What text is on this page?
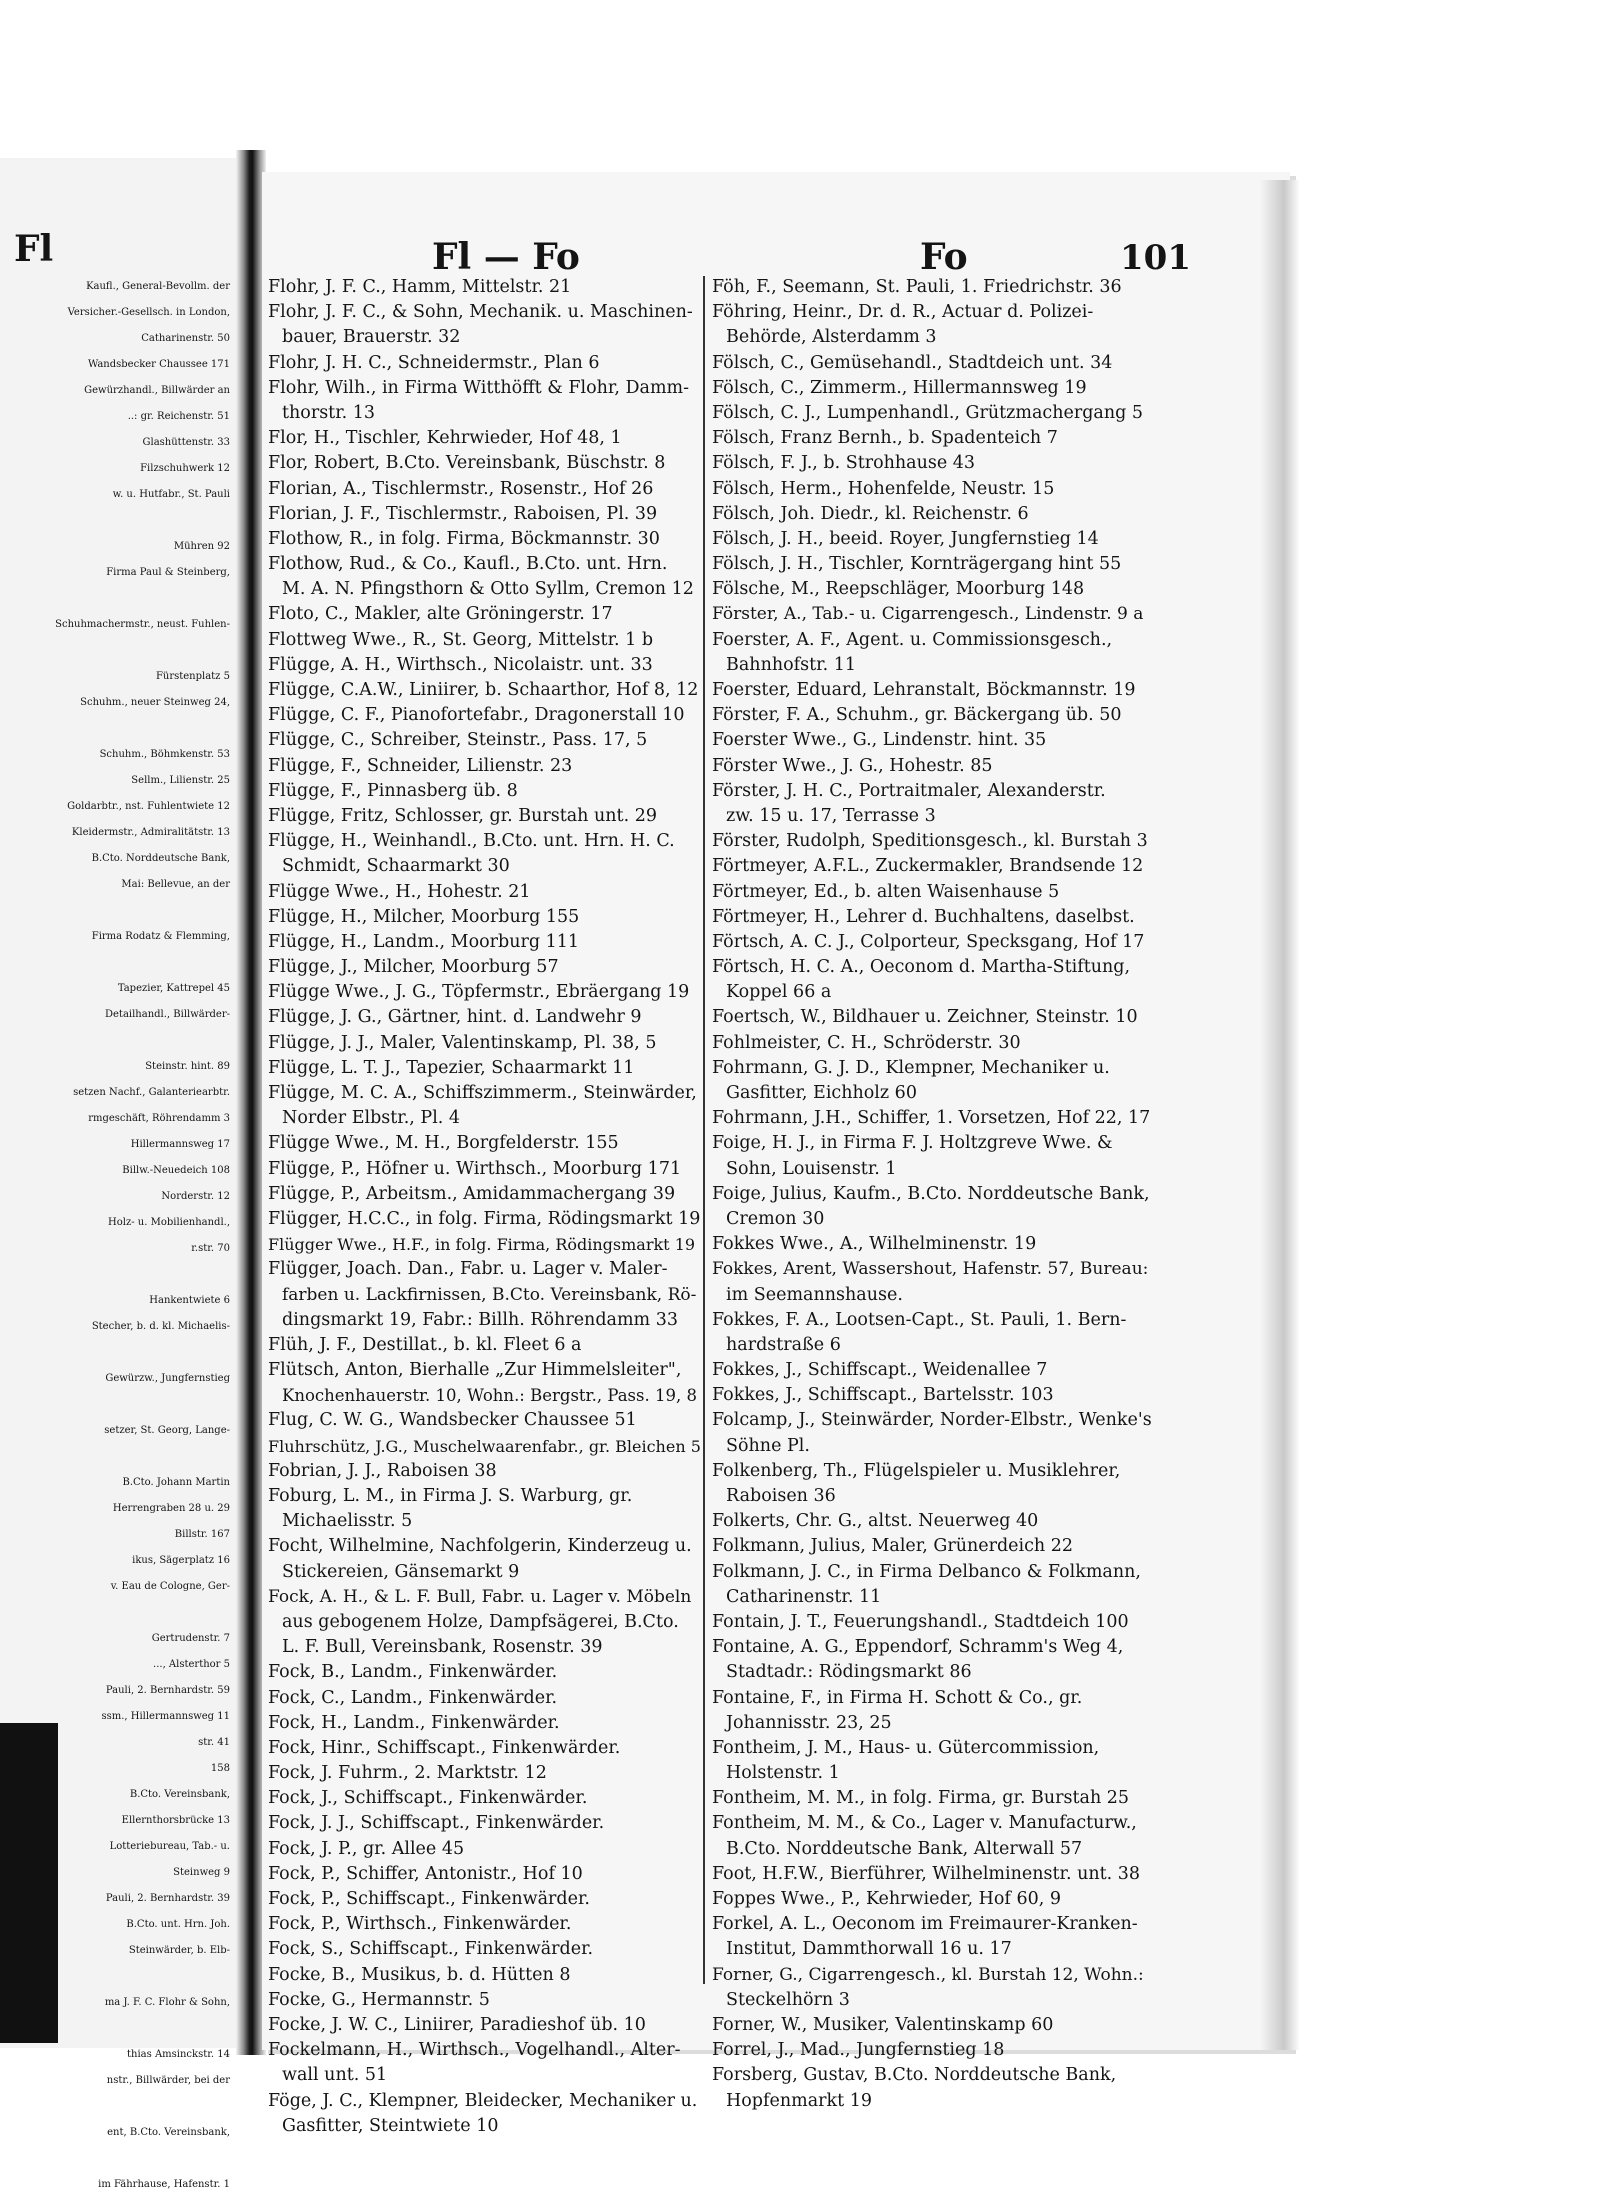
Fl
Kaufl., General-Bevollm. der
Versicher.-Gesellsch. in London,
Catharinenstr. 50
Wandsbecker Chaussee 171
Gewürzhandl., Billwärder an
..: gr. Reichenstr. 51
Glashüttenstr. 33
Filzschuhwerk 12
w. u. Hutfabr., St. Pauli
Mühren 92
Firma Paul & Steinberg,
Schuhmachermstr., neust. Fuhlen-
Fürstenplatz 5
Schuhm., neuer Steinweg 24,
Schuhm., Böhmkenstr. 53
Sellm., Lilienstr. 25
Goldarbtr., nst. Fuhlentwiete 12
Kleidermstr., Admiralitätstr. 13
B.Cto. Norddeutsche Bank,
Mai: Bellevue, an der
Firma Rodatz & Flemming,
Tapezier, Kattrepel 45
Detailhandl., Billwärder-
Steinstr. hint. 89
setzen Nachf., Galanteriearbtr.
rmgeschäft, Röhrendamm 3
Hillermannsweg 17
Billw.-Neuedeich 108
Norderstr. 12
Holz- u. Mobilienhandl.,
r.str. 70
Hankentwiete 6
Stecher, b. d. kl. Michaelis-
Gewürzw., Jungfernstieg
setzer, St. Georg, Lange-
B.Cto. Johann Martin
Herrengraben 28 u. 29
Billstr. 167
ikus, Sägerplatz 16
v. Eau de Cologne, Ger-
Gertrudenstr. 7
..., Alsterthor 5
Pauli, 2. Bernhardstr. 59
ssm., Hillermannsweg 11
str. 41
158
B.Cto. Vereinsbank,
Ellernthorsbrücke 13
Lotteriebureau, Tab.- u.
Steinweg 9
Pauli, 2. Bernhardstr. 39
B.Cto. unt. Hrn. Joh.
Steinwärder, b. Elb-
ma J. F. C. Flohr & Sohn,
thias Amsinckstr. 14
nstr., Billwärder, bei der
ent, B.Cto. Vereinsbank,
im Fährhause, Hafenstr. 1
Fl — Fo	Fo	101
Flohr, J. F. C., Hamm, Mittelstr. 21
Flohr, J. F. C., & Sohn, Mechanik. u. Maschinen-
bauer, Brauerstr. 32
Flohr, J. H. C., Schneidermstr., Plan 6
Flohr, Wilh., in Firma Witthöfft & Flohr, Damm-
thorstr. 13
Flor, H., Tischler, Kehrwieder, Hof 48, 1
Flor, Robert, B.Cto. Vereinsbank, Büschstr. 8
Florian, A., Tischlermstr., Rosenstr., Hof 26
Florian, J. F., Tischlermstr., Raboisen, Pl. 39
Flothow, R., in folg. Firma, Böckmannstr. 30
Flothow, Rud., & Co., Kaufl., B.Cto. unt. Hrn.
M. A. N. Pfingsthorn & Otto Syllm, Cremon 12
Floto, C., Makler, alte Gröningerstr. 17
Flottweg Wwe., R., St. Georg, Mittelstr. 1 b
Flügge, A. H., Wirthsch., Nicolaistr. unt. 33
Flügge, C.A.W., Liniirer, b. Schaarthor, Hof 8, 12
Flügge, C. F., Pianofortefabr., Dragonerstall 10
Flügge, C., Schreiber, Steinstr., Pass. 17, 5
Flügge, F., Schneider, Lilienstr. 23
Flügge, F., Pinnasberg üb. 8
Flügge, Fritz, Schlosser, gr. Burstah unt. 29
Flügge, H., Weinhandl., B.Cto. unt. Hrn. H. C.
Schmidt, Schaarmarkt 30
Flügge Wwe., H., Hohestr. 21
Flügge, H., Milcher, Moorburg 155
Flügge, H., Landm., Moorburg 111
Flügge, J., Milcher, Moorburg 57
Flügge Wwe., J. G., Töpfermstr., Ebräergang 19
Flügge, J. G., Gärtner, hint. d. Landwehr 9
Flügge, J. J., Maler, Valentinskamp, Pl. 38, 5
Flügge, L. T. J., Tapezier, Schaarmarkt 11
Flügge, M. C. A., Schiffszimmerm., Steinwärder,
Norder Elbstr., Pl. 4
Flügge Wwe., M. H., Borgfelderstr. 155
Flügge, P., Höfner u. Wirthsch., Moorburg 171
Flügge, P., Arbeitsm., Amidammachergang 39
Flügger, H.C.C., in folg. Firma, Rödingsmarkt 19
Flügger Wwe., H.F., in folg. Firma, Rödingsmarkt 19
Flügger, Joach. Dan., Fabr. u. Lager v. Maler-
farben u. Lackfirnissen, B.Cto. Vereinsbank, Rö-
dingsmarkt 19, Fabr.: Billh. Röhrendamm 33
Flüh, J. F., Destillat., b. kl. Fleet 6 a
Flütsch, Anton, Bierhalle „Zur Himmelsleiter",
Knochenhauerstr. 10, Wohn.: Bergstr., Pass. 19, 8
Flug, C. W. G., Wandsbecker Chaussee 51
Fluhrschütz, J.G., Muschelwaarenfabr., gr. Bleichen 5
Fobrian, J. J., Raboisen 38
Foburg, L. M., in Firma J. S. Warburg, gr.
Michaelisstr. 5
Focht, Wilhelmine, Nachfolgerin, Kinderzeug u.
Stickereien, Gänsemarkt 9
Fock, A. H., & L. F. Bull, Fabr. u. Lager v. Möbeln
aus gebogenem Holze, Dampfsägerei, B.Cto.
L. F. Bull, Vereinsbank, Rosenstr. 39
Fock, B., Landm., Finkenwärder.
Fock, C., Landm., Finkenwärder.
Fock, H., Landm., Finkenwärder.
Fock, Hinr., Schiffscapt., Finkenwärder.
Fock, J. Fuhrm., 2. Marktstr. 12
Fock, J., Schiffscapt., Finkenwärder.
Fock, J. J., Schiffscapt., Finkenwärder.
Fock, J. P., gr. Allee 45
Fock, P., Schiffer, Antonistr., Hof 10
Fock, P., Schiffscapt., Finkenwärder.
Fock, P., Wirthsch., Finkenwärder.
Fock, S., Schiffscapt., Finkenwärder.
Focke, B., Musikus, b. d. Hütten 8
Focke, G., Hermannstr. 5
Focke, J. W. C., Liniirer, Paradieshof üb. 10
Fockelmann, H., Wirthsch., Vogelhandl., Alter-
wall unt. 51
Föge, J. C., Klempner, Bleidecker, Mechaniker u.
Gasfitter, Steintwiete 10
Föh, F., Seemann, St. Pauli, 1. Friedrichstr. 36
Föhring, Heinr., Dr. d. R., Actuar d. Polizei-
Behörde, Alsterdamm 3
Fölsch, C., Gemüsehandl., Stadtdeich unt. 34
Fölsch, C., Zimmerm., Hillermannsweg 19
Fölsch, C. J., Lumpenhandl., Grützmachergang 5
Fölsch, Franz Bernh., b. Spadenteich 7
Fölsch, F. J., b. Strohhause 43
Fölsch, Herm., Hohenfelde, Neustr. 15
Fölsch, Joh. Diedr., kl. Reichenstr. 6
Fölsch, J. H., beeid. Royer, Jungfernstieg 14
Fölsch, J. H., Tischler, Kornträgergang hint 55
Fölsche, M., Reepschläger, Moorburg 148
Förster, A., Tab.- u. Cigarrengesch., Lindenstr. 9 a
Foerster, A. F., Agent. u. Commissionsgesch.,
Bahnhofstr. 11
Foerster, Eduard, Lehranstalt, Böckmannstr. 19
Förster, F. A., Schuhm., gr. Bäckergang üb. 50
Foerster Wwe., G., Lindenstr. hint. 35
Förster Wwe., J. G., Hohestr. 85
Förster, J. H. C., Portraitmaler, Alexanderstr.
zw. 15 u. 17, Terrasse 3
Förster, Rudolph, Speditionsgesch., kl. Burstah 3
Förtmeyer, A.F.L., Zuckermakler, Brandsende 12
Förtmeyer, Ed., b. alten Waisenhause 5
Förtmeyer, H., Lehrer d. Buchhaltens, daselbst.
Förtsch, A. C. J., Colporteur, Specksgang, Hof 17
Förtsch, H. C. A., Oeconom d. Martha-Stiftung,
Koppel 66 a
Foertsch, W., Bildhauer u. Zeichner, Steinstr. 10
Fohlmeister, C. H., Schröderstr. 30
Fohrmann, G. J. D., Klempner, Mechaniker u.
Gasfitter, Eichholz 60
Fohrmann, J.H., Schiffer, 1. Vorsetzen, Hof 22, 17
Foige, H. J., in Firma F. J. Holtzgreve Wwe. &
Sohn, Louisenstr. 1
Foige, Julius, Kaufm., B.Cto. Norddeutsche Bank,
Cremon 30
Fokkes Wwe., A., Wilhelminenstr. 19
Fokkes, Arent, Wassershout, Hafenstr. 57, Bureau:
im Seemannshause.
Fokkes, F. A., Lootsen-Capt., St. Pauli, 1. Bern-
hardstraße 6
Fokkes, J., Schiffscapt., Weidenallee 7
Fokkes, J., Schiffscapt., Bartelsstr. 103
Folcamp, J., Steinwärder, Norder-Elbstr., Wenke's
Söhne Pl.
Folkenberg, Th., Flügelspieler u. Musiklehrer,
Raboisen 36
Folkerts, Chr. G., altst. Neuerweg 40
Folkmann, Julius, Maler, Grünerdeich 22
Folkmann, J. C., in Firma Delbanco & Folkmann,
Catharinenstr. 11
Fontain, J. T., Feuerungshandl., Stadtdeich 100
Fontaine, A. G., Eppendorf, Schramm's Weg 4,
Stadtadr.: Rödingsmarkt 86
Fontaine, F., in Firma H. Schott & Co., gr.
Johannisstr. 23, 25
Fontheim, J. M., Haus- u. Gütercommission,
Holstenstr. 1
Fontheim, M. M., in folg. Firma, gr. Burstah 25
Fontheim, M. M., & Co., Lager v. Manufacturw.,
B.Cto. Norddeutsche Bank, Alterwall 57
Foot, H.F.W., Bierführer, Wilhelminenstr. unt. 38
Foppes Wwe., P., Kehrwieder, Hof 60, 9
Forkel, A. L., Oeconom im Freimaurer-Kranken-
Institut, Dammthorwall 16 u. 17
Forner, G., Cigarrengesch., kl. Burstah 12, Wohn.:
Steckelhörn 3
Forner, W., Musiker, Valentinskamp 60
Forrel, J., Mad., Jungfernstieg 18
Forsberg, Gustav, B.Cto. Norddeutsche Bank,
Hopfenmarkt 19
